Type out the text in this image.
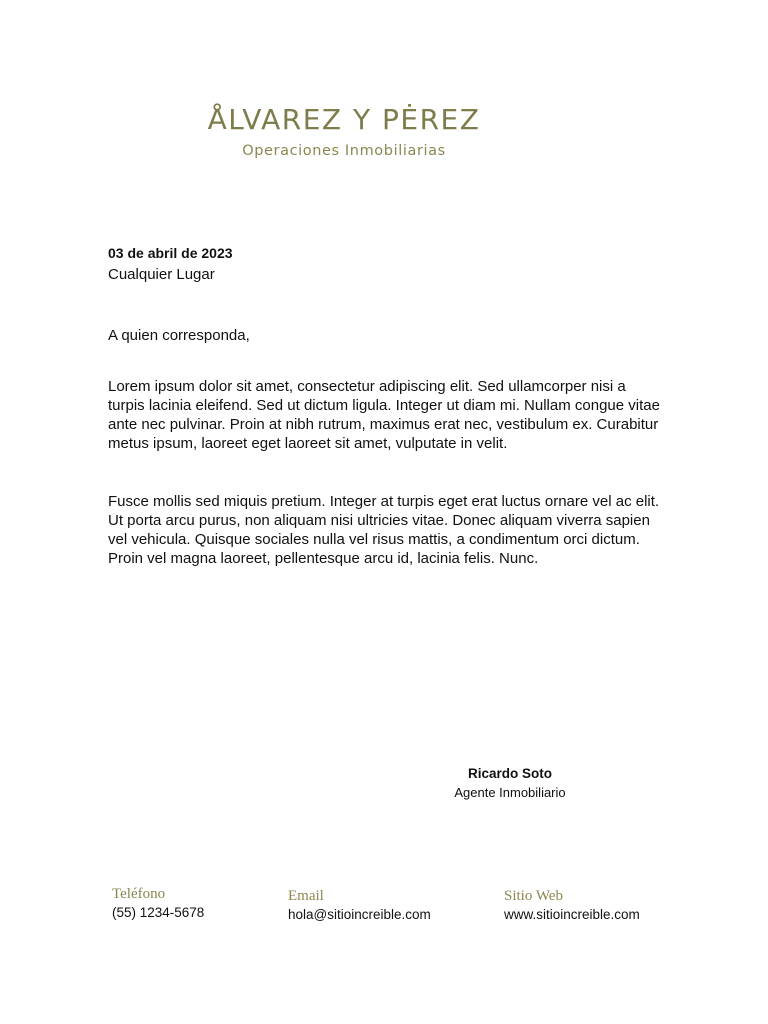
ÅLVAREZ Y PĖREZ
Operaciones Inmobiliarias
03 de abril de 2023
Cualquier Lugar
A quien corresponda,

Lorem ipsum dolor sit amet, consectetur adipiscing elit. Sed ullamcorper nisi a turpis lacinia eleifend. Sed ut dictum ligula. Integer ut diam mi. Nullam congue vitae ante nec pulvinar. Proin at nibh rutrum, maximus erat nec, vestibulum ex. Curabitur metus ipsum, laoreet eget laoreet sit amet, vulputate in velit.

Fusce mollis sed miquis pretium. Integer at turpis eget erat luctus ornare vel ac elit. Ut porta arcu purus, non aliquam nisi ultricies vitae. Donec aliquam viverra sapien vel vehicula. Quisque sociales nulla vel risus mattis, a condimentum orci dictum. Proin vel magna laoreet, pellentesque arcu id, lacinia felis. Nunc.

Ricardo Soto
Agente Inmobiliario
Teléfono
(55) 1234-5678
Email
hola@sitioincreible.com
Sitio Web
www.sitioincreible.com
